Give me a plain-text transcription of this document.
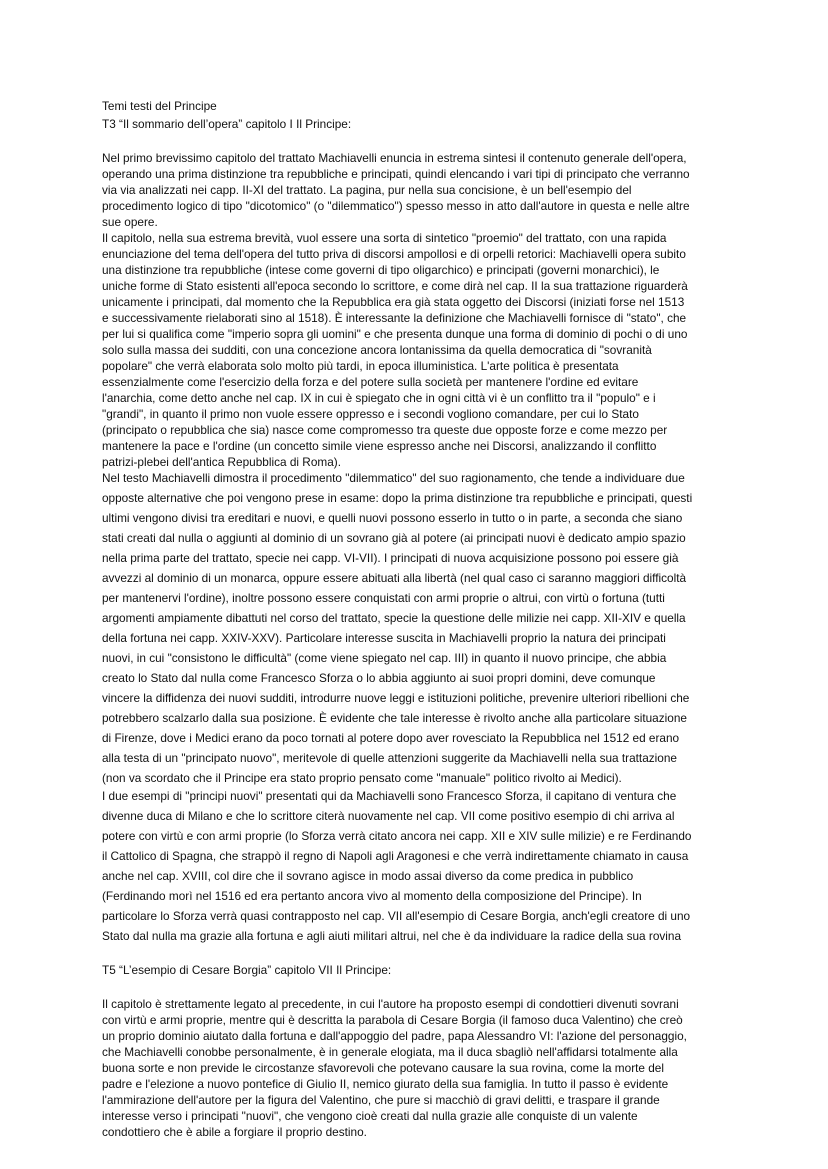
Temi testi del Principe

T3 “Il sommario dell’opera” capitolo I Il Principe:

Nel primo brevissimo capitolo del trattato Machiavelli enuncia in estrema sintesi il contenuto generale dell'opera,

operando una prima distinzione tra repubbliche e principati, quindi elencando i vari tipi di principato che verranno

via via analizzati nei capp. II-XI del trattato. La pagina, pur nella sua concisione, è un bell'esempio del

procedimento logico di tipo "dicotomico" (o "dilemmatico") spesso messo in atto dall'autore in questa e nelle altre

sue opere.

Il capitolo, nella sua estrema brevità, vuol essere una sorta di sintetico "proemio" del trattato, con una rapida

enunciazione del tema dell'opera del tutto priva di discorsi ampollosi e di orpelli retorici: Machiavelli opera subito

una distinzione tra repubbliche (intese come governi di tipo oligarchico) e principati (governi monarchici), le

uniche forme di Stato esistenti all'epoca secondo lo scrittore, e come dirà nel cap. II la sua trattazione riguarderà

unicamente i principati, dal momento che la Repubblica era già stata oggetto dei Discorsi (iniziati forse nel 1513

e successivamente rielaborati sino al 1518). È interessante la definizione che Machiavelli fornisce di "stato", che

per lui si qualifica come "imperio sopra gli uomini" e che presenta dunque una forma di dominio di pochi o di uno

solo sulla massa dei sudditi, con una concezione ancora lontanissima da quella democratica di "sovranità

popolare" che verrà elaborata solo molto più tardi, in epoca illuministica. L'arte politica è presentata

essenzialmente come l'esercizio della forza e del potere sulla società per mantenere l'ordine ed evitare

l'anarchia, come detto anche nel cap. IX in cui è spiegato che in ogni città vi è un conflitto tra il "populo" e i

"grandi", in quanto il primo non vuole essere oppresso e i secondi vogliono comandare, per cui lo Stato

(principato o repubblica che sia) nasce come compromesso tra queste due opposte forze e come mezzo per

mantenere la pace e l'ordine (un concetto simile viene espresso anche nei Discorsi, analizzando il conflitto

patrizi-plebei dell'antica Repubblica di Roma).

Nel testo Machiavelli dimostra il procedimento "dilemmatico" del suo ragionamento, che tende a individuare due

opposte alternative che poi vengono prese in esame: dopo la prima distinzione tra repubbliche e principati, questi

ultimi vengono divisi tra ereditari e nuovi, e quelli nuovi possono esserlo in tutto o in parte, a seconda che siano

stati creati dal nulla o aggiunti al dominio di un sovrano già al potere (ai principati nuovi è dedicato ampio spazio

nella prima parte del trattato, specie nei capp. VI-VII). I principati di nuova acquisizione possono poi essere già

avvezzi al dominio di un monarca, oppure essere abituati alla libertà (nel qual caso ci saranno maggiori difficoltà

per mantenervi l'ordine), inoltre possono essere conquistati con armi proprie o altrui, con virtù o fortuna (tutti

argomenti ampiamente dibattuti nel corso del trattato, specie la questione delle milizie nei capp. XII-XIV e quella

della fortuna nei capp. XXIV-XXV). Particolare interesse suscita in Machiavelli proprio la natura dei principati

nuovi, in cui "consistono le difficultà" (come viene spiegato nel cap. III) in quanto il nuovo principe, che abbia

creato lo Stato dal nulla come Francesco Sforza o lo abbia aggiunto ai suoi propri domini, deve comunque

vincere la diffidenza dei nuovi sudditi, introdurre nuove leggi e istituzioni politiche, prevenire ulteriori ribellioni che

potrebbero scalzarlo dalla sua posizione. È evidente che tale interesse è rivolto anche alla particolare situazione

di Firenze, dove i Medici erano da poco tornati al potere dopo aver rovesciato la Repubblica nel 1512 ed erano

alla testa di un "principato nuovo", meritevole di quelle attenzioni suggerite da Machiavelli nella sua trattazione

(non va scordato che il Principe era stato proprio pensato come "manuale" politico rivolto ai Medici).

I due esempi di "principi nuovi" presentati qui da Machiavelli sono Francesco Sforza, il capitano di ventura che

divenne duca di Milano e che lo scrittore citerà nuovamente nel cap. VII come positivo esempio di chi arriva al

potere con virtù e con armi proprie (lo Sforza verrà citato ancora nei capp. XII e XIV sulle milizie) e re Ferdinando

il Cattolico di Spagna, che strappò il regno di Napoli agli Aragonesi e che verrà indirettamente chiamato in causa

anche nel cap. XVIII, col dire che il sovrano agisce in modo assai diverso da come predica in pubblico

(Ferdinando morì nel 1516 ed era pertanto ancora vivo al momento della composizione del Principe). In

particolare lo Sforza verrà quasi contrapposto nel cap. VII all'esempio di Cesare Borgia, anch'egli creatore di uno

Stato dal nulla ma grazie alla fortuna e agli aiuti militari altrui, nel che è da individuare la radice della sua rovina

T5 “L’esempio di Cesare Borgia” capitolo VII Il Principe:

Il capitolo è strettamente legato al precedente, in cui l'autore ha proposto esempi di condottieri divenuti sovrani

con virtù e armi proprie, mentre qui è descritta la parabola di Cesare Borgia (il famoso duca Valentino) che creò

un proprio dominio aiutato dalla fortuna e dall'appoggio del padre, papa Alessandro VI: l'azione del personaggio,

che Machiavelli conobbe personalmente, è in generale elogiata, ma il duca sbagliò nell'affidarsi totalmente alla

buona sorte e non previde le circostanze sfavorevoli che potevano causare la sua rovina, come la morte del

padre e l'elezione a nuovo pontefice di Giulio II, nemico giurato della sua famiglia. In tutto il passo è evidente

l'ammirazione dell'autore per la figura del Valentino, che pure si macchiò di gravi delitti, e traspare il grande

interesse verso i principati "nuovi", che vengono cioè creati dal nulla grazie alle conquiste di un valente

condottiero che è abile a forgiare il proprio destino.
